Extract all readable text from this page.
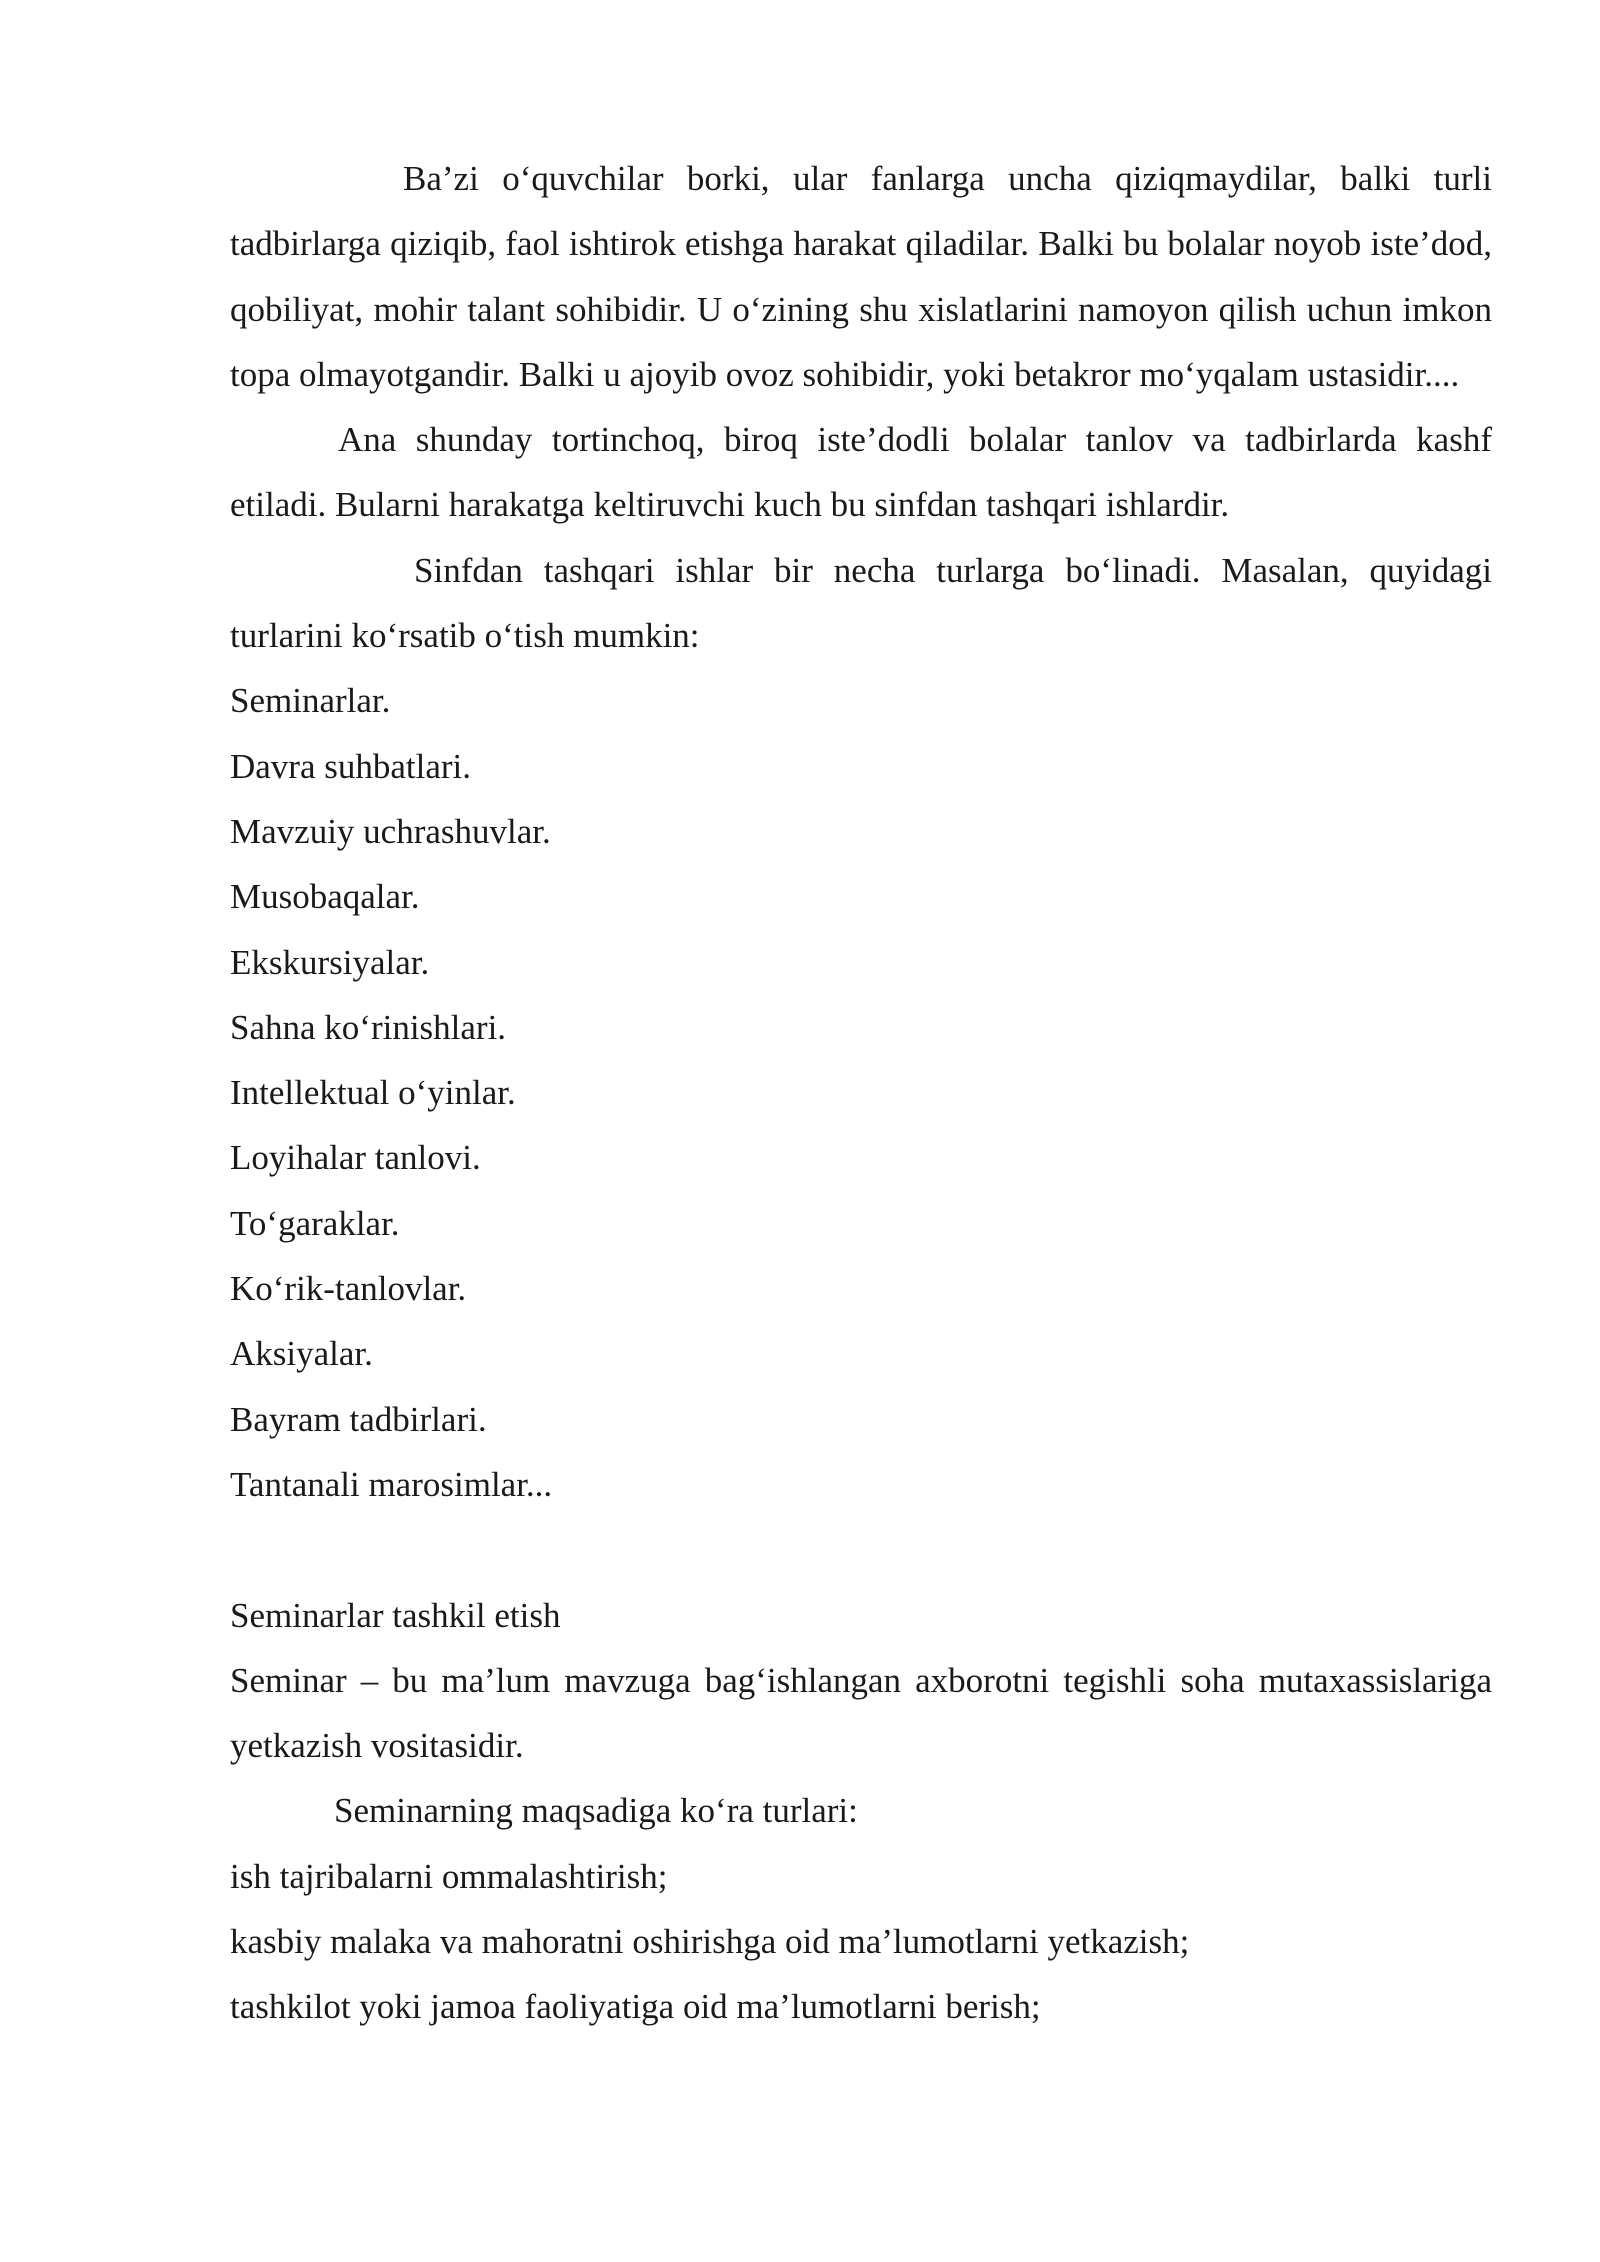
Ba’zi o‘quvchilar borki, ular fanlarga uncha qiziqmaydilar, balki turli tadbirlarga qiziqib, faol ishtirok etishga harakat qiladilar. Balki bu bolalar noyob iste’dod, qobiliyat, mohir talant sohibidir. U o‘zining shu xislatlarini namoyon qilish uchun imkon topa olmayotgandir. Balki u ajoyib ovoz sohibidir, yoki betakror mo‘yqalam ustasidir....

Ana shunday tortinchoq, biroq iste’dodli bolalar tanlov va tadbirlarda kashf etiladi. Bularni harakatga keltiruvchi kuch bu sinfdan tashqari ishlardir.

Sinfdan tashqari ishlar bir necha turlarga bo‘linadi. Masalan, quyidagi turlarini ko‘rsatib o‘tish mumkin:

Seminarlar.

Davra suhbatlari.

Mavzuiy uchrashuvlar.

Musobaqalar.

Ekskursiyalar.

Sahna ko‘rinishlari.

Intellektual o‘yinlar.

Loyihalar tanlovi.

To‘garaklar.

Ko‘rik-tanlovlar.

Aksiyalar.

Bayram tadbirlari.

Tantanali marosimlar...

Seminarlar tashkil etish

Seminar – bu ma’lum mavzuga bag‘ishlangan axborotni tegishli soha mutaxassislariga yetkazish vositasidir.

Seminarning maqsadiga ko‘ra turlari:

ish tajribalarni ommalashtirish;

kasbiy malaka va mahoratni oshirishga oid ma’lumotlarni yetkazish;

tashkilot yoki jamoa faoliyatiga oid ma’lumotlarni berish;
